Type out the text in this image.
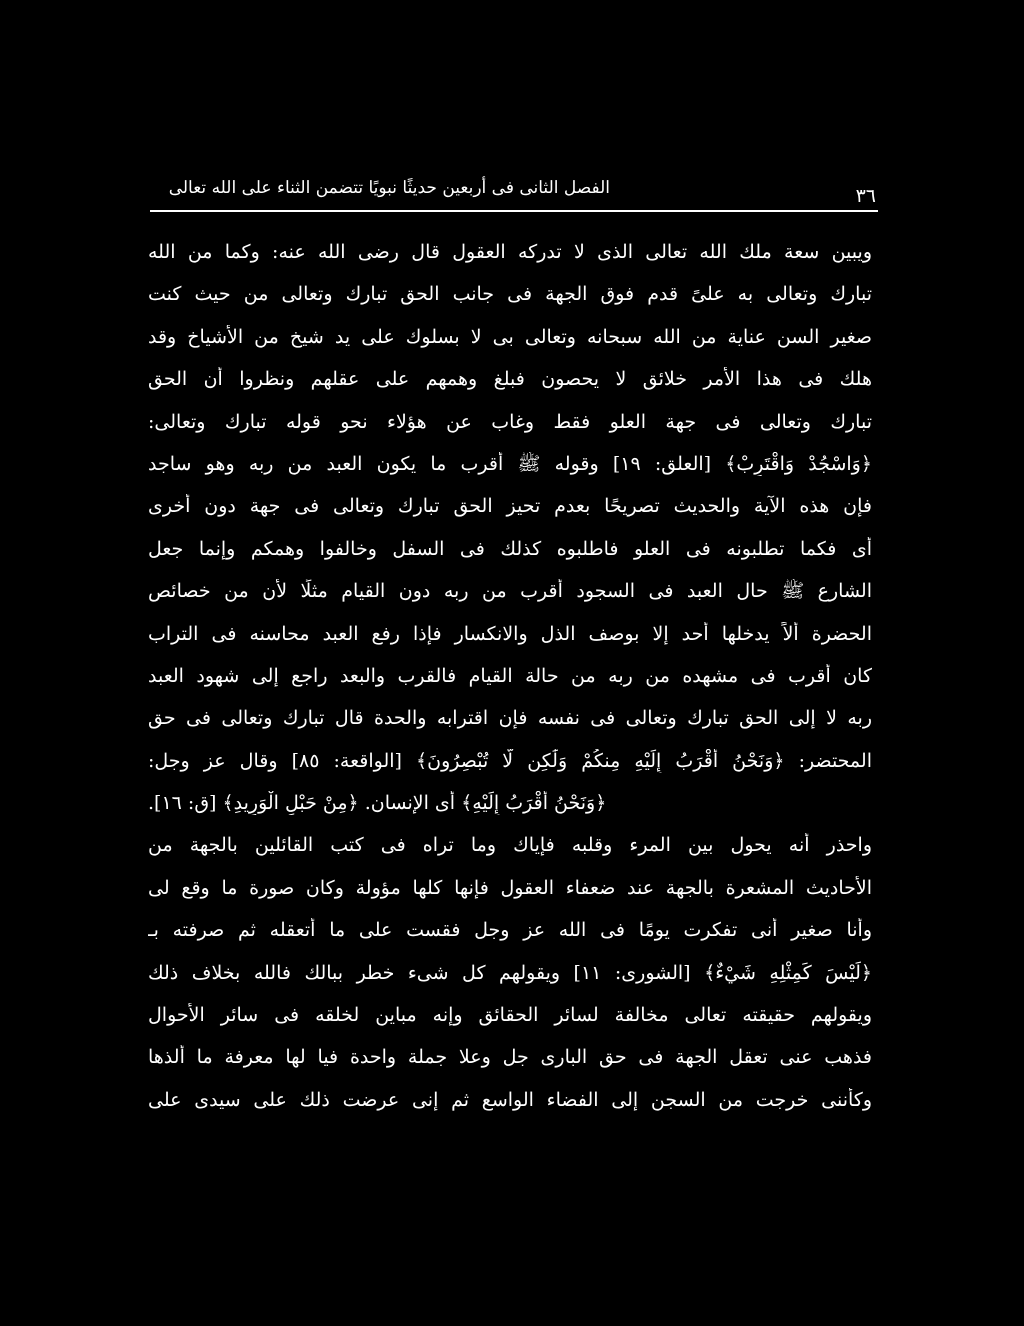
الفصل الثانى فى أربعين حديثًا نبويًا تتضمن الثناء على الله تعالى	٣٦
ويبين سعة ملك الله تعالى الذى لا تدركه العقول قال رضى الله عنه: وكما من الله
تبارك وتعالى به علىً قدم فوق الجهة فى جانب الحق تبارك وتعالى من حيث كنت
صغير السن عناية من الله سبحانه وتعالى بى لا بسلوك على يد شيخ من الأشياخ وقد
هلك فى هذا الأمر خلائق لا يحصون فبلغ وهمهم على عقلهم ونظروا أن الحق
تبارك وتعالى فى جهة العلو فقط وغاب عن هؤلاء نحو قوله تبارك وتعالى:
﴿وَاسْجُدْ وَاقْتَرِبْ﴾ [العلق: ١٩] وقوله ﷺ أقرب ما يكون العبد من ربه وهو ساجد
فإن هذه الآية والحديث تصريحًا بعدم تحيز الحق تبارك وتعالى فى جهة دون أخرى
أى فكما تطلبونه فى العلو فاطلبوه كذلك فى السفل وخالفوا وهمكم وإنما جعل
الشارع ﷺ حال العبد فى السجود أقرب من ربه دون القيام مثلًا لأن من خصائص
الحضرة ألاً يدخلها أحد إلا بوصف الذل والانكسار فإذا رفع العبد محاسنه فى التراب
كان أقرب فى مشهده من ربه من حالة القيام فالقرب والبعد راجع إلى شهود العبد
ربه لا إلى الحق تبارك وتعالى فى نفسه فإن اقترابه والحدة قال تبارك وتعالى فى حق
المحتضر: ﴿وَنَحْنُ أَقْرَبُ إِلَيْهِ مِنكُمْ وَلَٰكِن لَّا تُبْصِرُونَ﴾ [الواقعة: ٨٥] وقال عز وجل:
﴿وَنَحْنُ أَقْرَبُ إِلَيْهِ﴾ أى الإنسان. ﴿مِنْ حَبْلِ الْوَرِيدِ﴾ [ق: ١٦].
واحذر أنه يحول بين المرء وقلبه فإياك وما تراه فى كتب القائلين بالجهة من
الأحاديث المشعرة بالجهة عند ضعفاء العقول فإنها كلها مؤولة وكان صورة ما وقع لى
وأنا صغير أنى تفكرت يومًا فى الله عز وجل فقست على ما أتعقله ثم صرفته بـ
﴿لَيْسَ كَمِثْلِهِ شَيْءٌ﴾ [الشورى: ١١] ويقولهم كل شىء خطر ببالك فالله بخلاف ذلك
ويقولهم حقيقته تعالى مخالفة لسائر الحقائق وإنه مباين لخلقه فى سائر الأحوال
فذهب عنى تعقل الجهة فى حق البارى جل وعلا جملة واحدة فيا لها معرفة ما ألذها
وكأننى خرجت من السجن إلى الفضاء الواسع ثم إنى عرضت ذلك على سيدى على
